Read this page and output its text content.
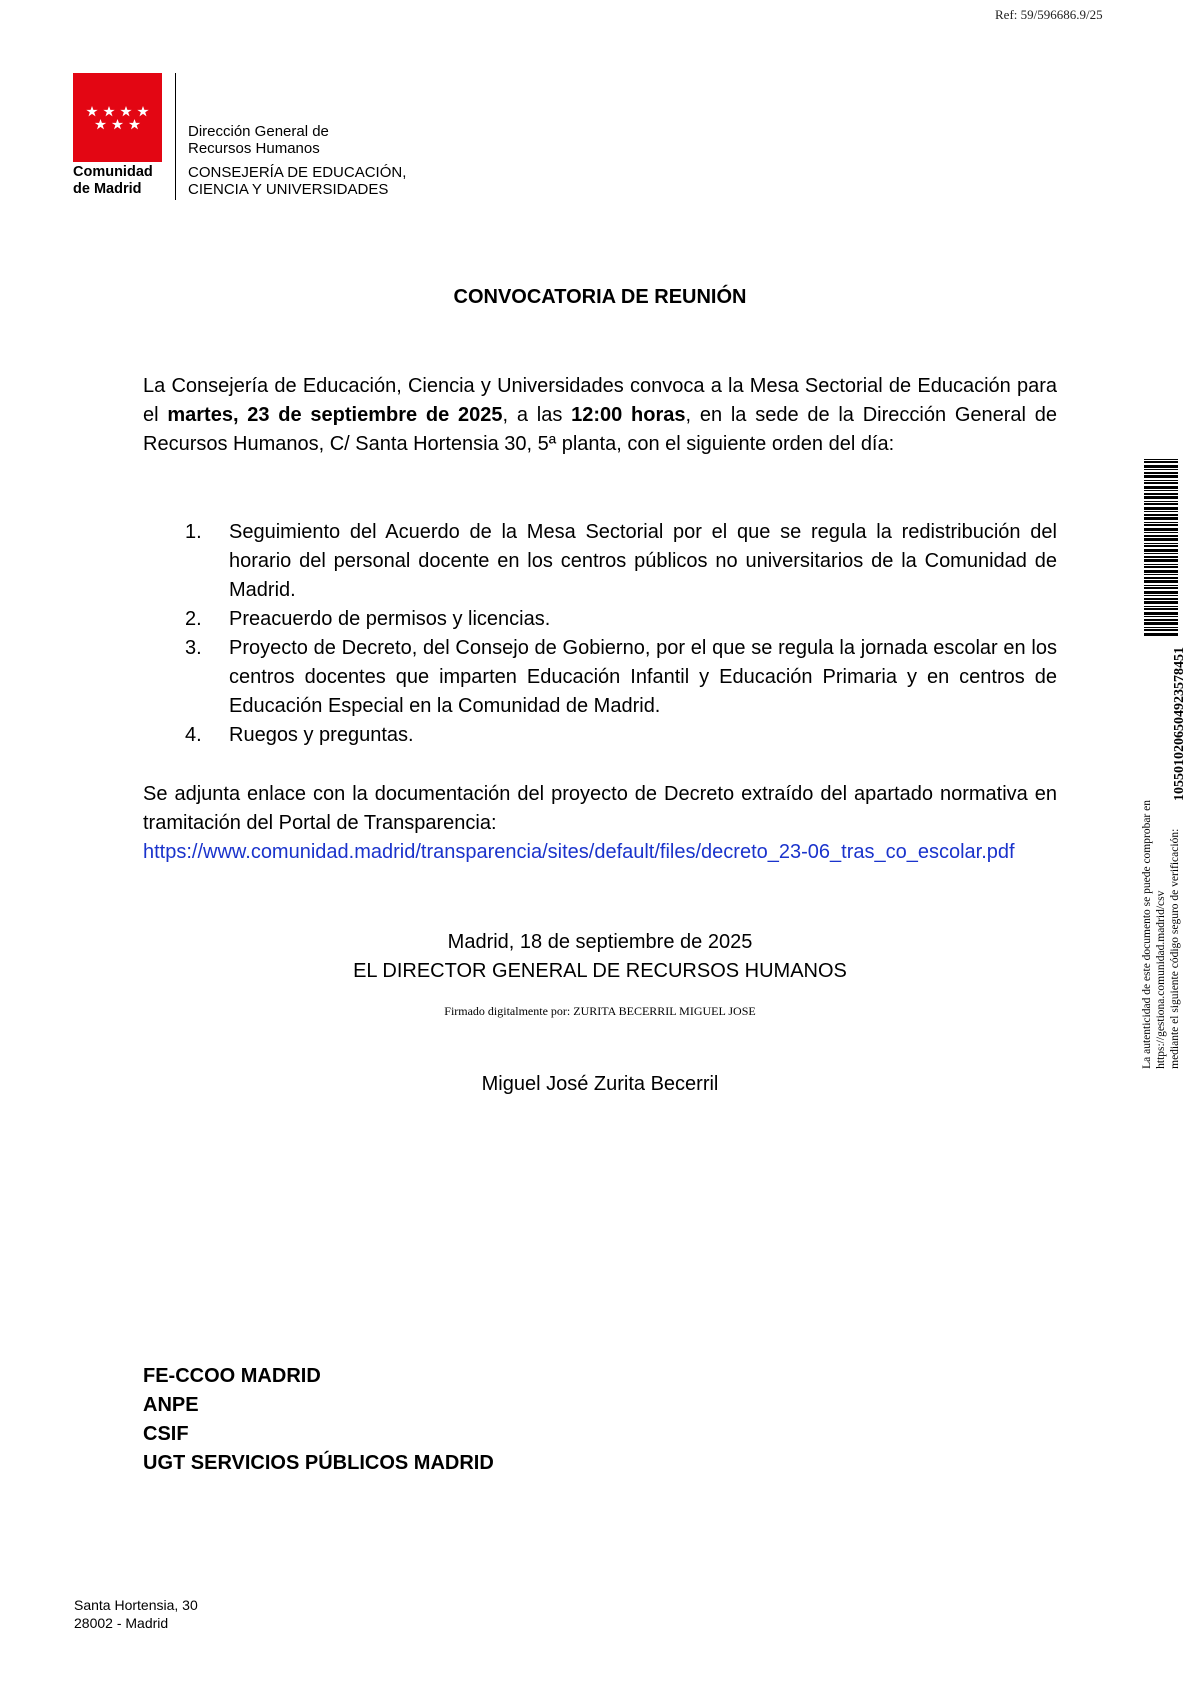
Ref: 59/596686.9/25
Comunidad
de Madrid
Dirección General de
Recursos Humanos
CONSEJERÍA DE EDUCACIÓN,
CIENCIA Y UNIVERSIDADES
CONVOCATORIA DE REUNIÓN
La Consejería de Educación, Ciencia y Universidades convoca a la Mesa Sectorial de Educación para el martes, 23 de septiembre de 2025, a las 12:00 horas, en la sede de la Dirección General de Recursos Humanos, C/ Santa Hortensia 30, 5ª planta, con el siguiente orden del día:
1.	Seguimiento del Acuerdo de la Mesa Sectorial por el que se regula la redistribución del horario del personal docente en los centros públicos no universitarios de la Comunidad de Madrid.
2.	Preacuerdo de permisos y licencias.
3.	Proyecto de Decreto, del Consejo de Gobierno, por el que se regula la jornada escolar en los centros docentes que imparten Educación Infantil y Educación Primaria y en centros de Educación Especial en la Comunidad de Madrid.
4.	Ruegos y preguntas.
Se adjunta enlace con la documentación del proyecto de Decreto extraído del apartado normativa en tramitación del Portal de Transparencia:
https://www.comunidad.madrid/transparencia/sites/default/files/decreto_23-06_tras_co_escolar.pdf
Madrid, 18 de septiembre de 2025
EL DIRECTOR GENERAL DE RECURSOS HUMANOS
Firmado digitalmente por: ZURITA BECERRIL MIGUEL JOSE
Miguel José Zurita Becerril
FE-CCOO MADRID
ANPE
CSIF
UGT SERVICIOS PÚBLICOS MADRID
Santa Hortensia, 30
28002 - Madrid
1055010206504923578451
La autenticidad de este documento se puede comprobar en https://gestiona.comunidad.madrid/csv mediante el siguiente código seguro de verificación:
